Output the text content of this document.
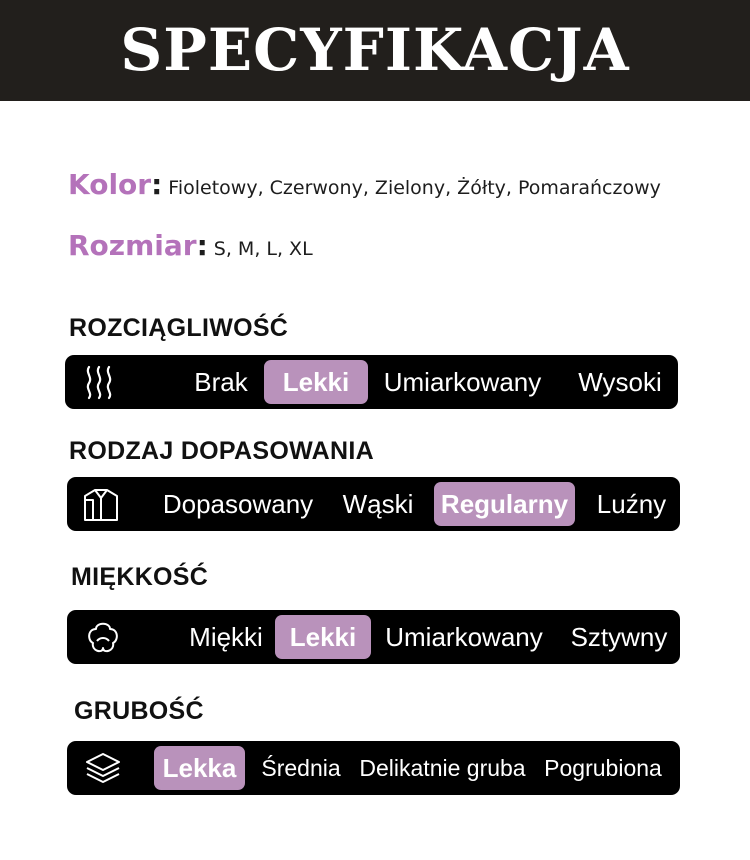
SPECYFIKACJA
Kolor: Fioletowy, Czerwony, Zielony, Żółty, Pomarańczowy
Rozmiar: S, M, L, XL
ROZCIĄGLIWOŚĆ
Brak	Lekki	Umiarkowany	Wysoki
RODZAJ DOPASOWANIA
Dopasowany Wąski Regularny Luźny
MIĘKKOŚĆ
Miękki	Lekki	Umiarkowany Sztywny
GRUBOŚĆ
Lekka	Średnia Delikatnie gruba Pogrubiona
